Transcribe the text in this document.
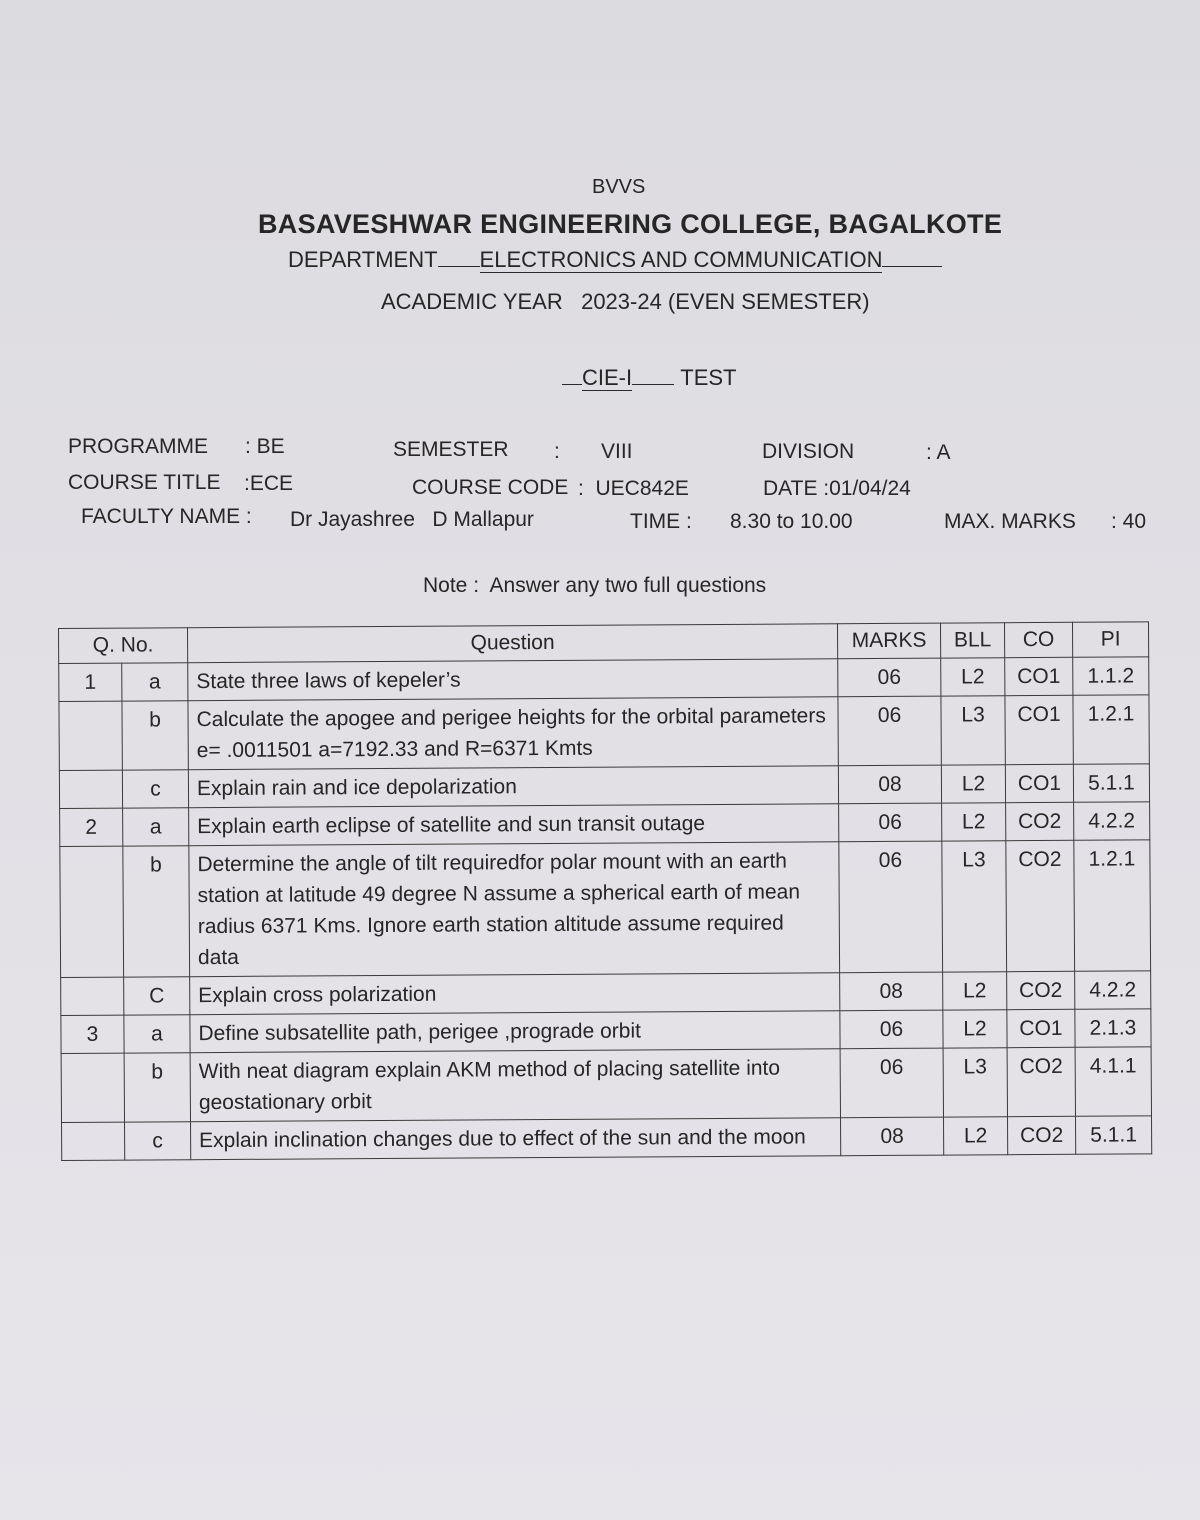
BVVS
BASAVESHWAR ENGINEERING COLLEGE, BAGALKOTE
DEPARTMENT ELECTRONICS AND COMMUNICATION
ACADEMIC YEAR   2023-24 (EVEN SEMESTER)
CIE-I TEST
PROGRAMME : BE	SEMESTER : VIII	DIVISION	: A
COURSE TITLE :ECE	COURSE CODE :  UEC842E	DATE :01/04/24
FACULTY NAME : Dr Jayashree   D Mallapur	TIME : 8.30 to 10.00	MAX. MARKS : 40
Note :  Answer any two full questions
Q. No.		Question	MARKS	BLL	CO	PI
1	a	State three laws of kepeler’s	06	L2	CO1	1.1.2
	b	Calculate the apogee and perigee heights for the orbital parameters e= .0011501 a=7192.33 and R=6371 Kmts	06	L3	CO1	1.2.1
	c	Explain rain and ice depolarization	08	L2	CO1	5.1.1
2	a	Explain earth eclipse of satellite and sun transit outage	06	L2	CO2	4.2.2
	b	Determine the angle of tilt requiredfor polar mount with an earth station at latitude 49 degree N assume a spherical earth of mean radius 6371 Kms. Ignore earth station altitude assume required data	06	L3	CO2	1.2.1
	C	Explain cross polarization	08	L2	CO2	4.2.2
3	a	Define subsatellite path, perigee ,prograde orbit	06	L2	CO1	2.1.3
	b	With neat diagram explain AKM method of placing satellite into geostationary orbit	06	L3	CO2	4.1.1
	c	Explain inclination changes due to effect of the sun and the moon	08	L2	CO2	5.1.1
